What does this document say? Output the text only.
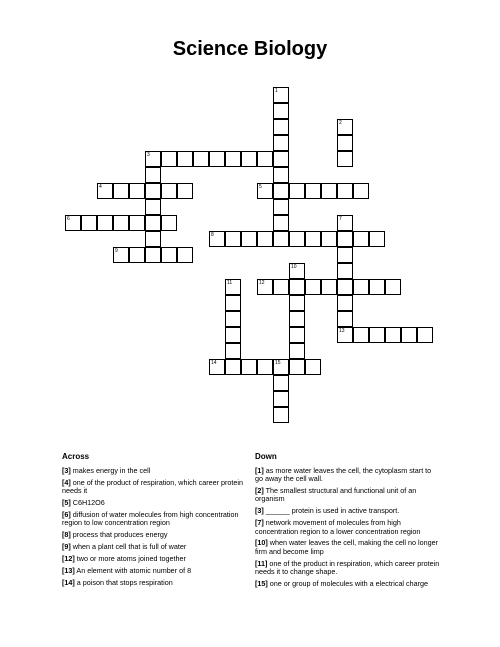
Science Biology
1
2
3
4	5
6	7
8
9
10
11	12
13
14	15
Across	Down
[3] makes energy in the cell
[4] one of the product of respiration, which career protein needs it
[5] C6H12O6
[6] diffusion of water molecules from high concentration region to low concentration region
[8] process that produces energy
[9] when a plant cell that is full of water
[12] two or more atoms joined together
[13] An element with atomic number of 8
[14] a poison that stops respiration
[1] as more water leaves the cell, the cytoplasm start to go away the cell wall.
[2] The smallest structural and functional unit of an organism
[3] ______ protein is used in active transport.
[7] network movement of molecules from high concentration region to a lower concentration region
[10] when water leaves the cell, making the cell no longer firm and become limp
[11] one of the product in respiration, which career protein needs it to change shape.
[15] one or group of molecules with a electrical charge
